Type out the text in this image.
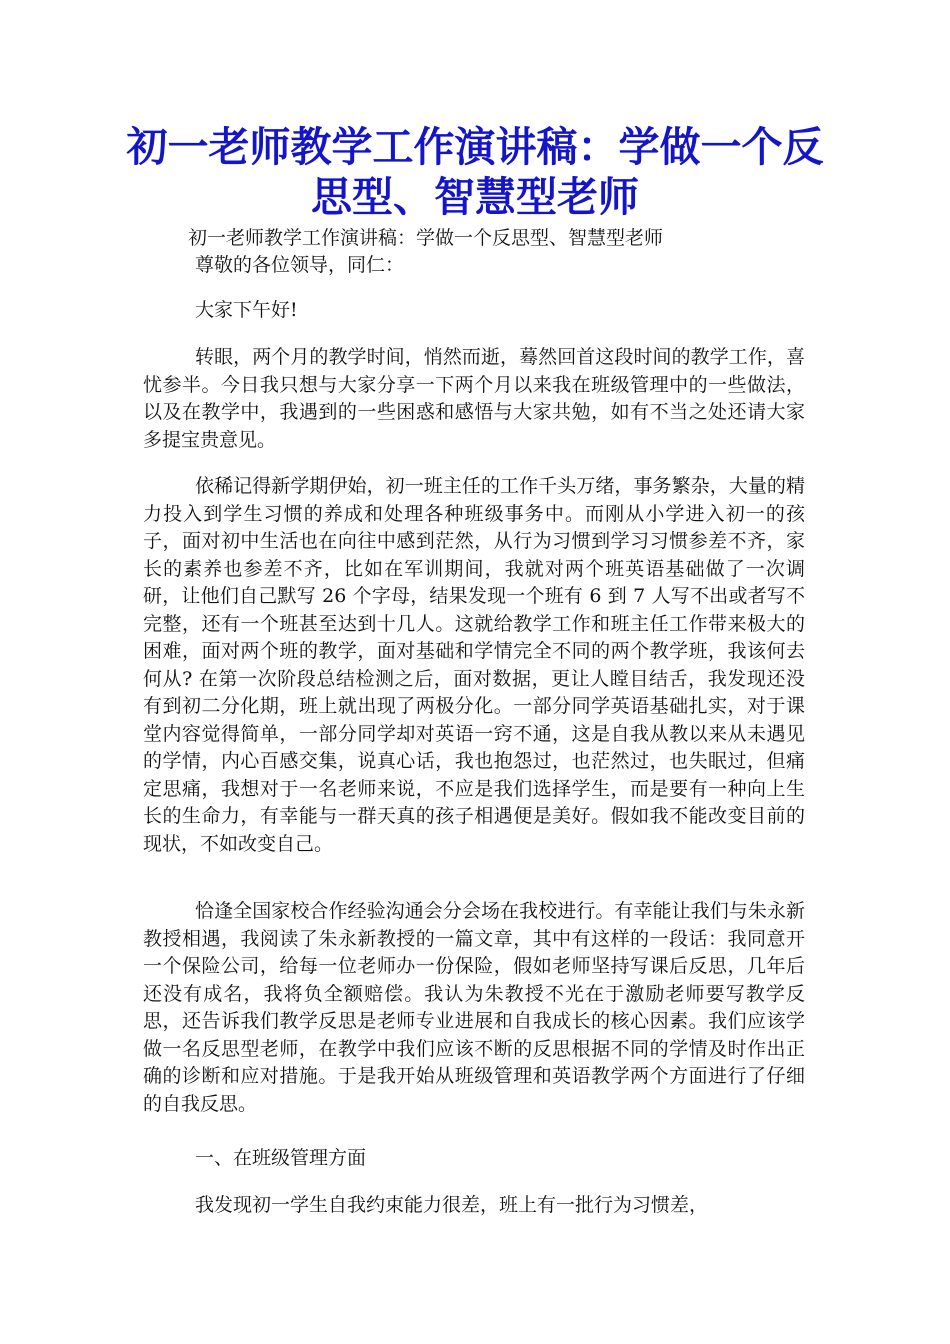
初一老师教学工作演讲稿：学做一个反思型、智慧型老师

初一老师教学工作演讲稿：学做一个反思型、智慧型老师

尊敬的各位领导，同仁：

大家下午好!

转眼，两个月的教学时间，悄然而逝，蓦然回首这段时间的教学工作，喜忧参半。今日我只想与大家分享一下两个月以来我在班级管理中的一些做法，以及在教学中，我遇到的一些困惑和感悟与大家共勉，如有不当之处还请大家多提宝贵意见。

依稀记得新学期伊始，初一班主任的工作千头万绪，事务繁杂，大量的精力投入到学生习惯的养成和处理各种班级事务中。而刚从小学进入初一的孩子，面对初中生活也在向往中感到茫然，从行为习惯到学习习惯参差不齐，家长的素养也参差不齐，比如在军训期间，我就对两个班英语基础做了一次调研，让他们自己默写 26 个字母，结果发现一个班有 6 到 7 人写不出或者写不完整，还有一个班甚至达到十几人。这就给教学工作和班主任工作带来极大的困难，面对两个班的教学，面对基础和学情完全不同的两个教学班，我该何去何从? 在第一次阶段总结检测之后，面对数据，更让人瞠目结舌，我发现还没有到初二分化期，班上就出现了两极分化。一部分同学英语基础扎实，对于课堂内容觉得简单，一部分同学却对英语一窍不通，这是自我从教以来从未遇见的学情，内心百感交集，说真心话，我也抱怨过，也茫然过，也失眠过，但痛定思痛，我想对于一名老师来说，不应是我们选择学生，而是要有一种向上生长的生命力，有幸能与一群天真的孩子相遇便是美好。假如我不能改变目前的现状，不如改变自己。

恰逢全国家校合作经验沟通会分会场在我校进行。有幸能让我们与朱永新教授相遇，我阅读了朱永新教授的一篇文章，其中有这样的一段话：我同意开一个保险公司，给每一位老师办一份保险，假如老师坚持写课后反思，几年后还没有成名，我将负全额赔偿。我认为朱教授不光在于激励老师要写教学反思，还告诉我们教学反思是老师专业进展和自我成长的核心因素。我们应该学做一名反思型老师，在教学中我们应该不断的反思根据不同的学情及时作出正确的诊断和应对措施。于是我开始从班级管理和英语教学两个方面进行了仔细的自我反思。

一、在班级管理方面

我发现初一学生自我约束能力很差，班上有一批行为习惯差，
